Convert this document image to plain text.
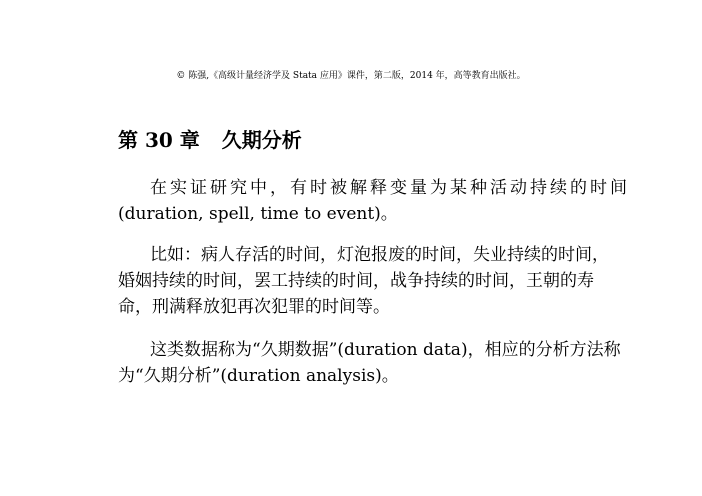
© 陈强,《高级计量经济学及 Stata 应用》课件，第二版，2014 年，高等教育出版社。
第 30 章 久期分析

在实证研究中，有时被解释变量为某种活动持续的时间
(duration, spell, time to event)。

比如：病人存活的时间，灯泡报废的时间，失业持续的时间，
婚姻持续的时间，罢工持续的时间，战争持续的时间，王朝的寿
命，刑满释放犯再次犯罪的时间等。

这类数据称为“久期数据”(duration data)，相应的分析方法称
为“久期分析”(duration analysis)。
